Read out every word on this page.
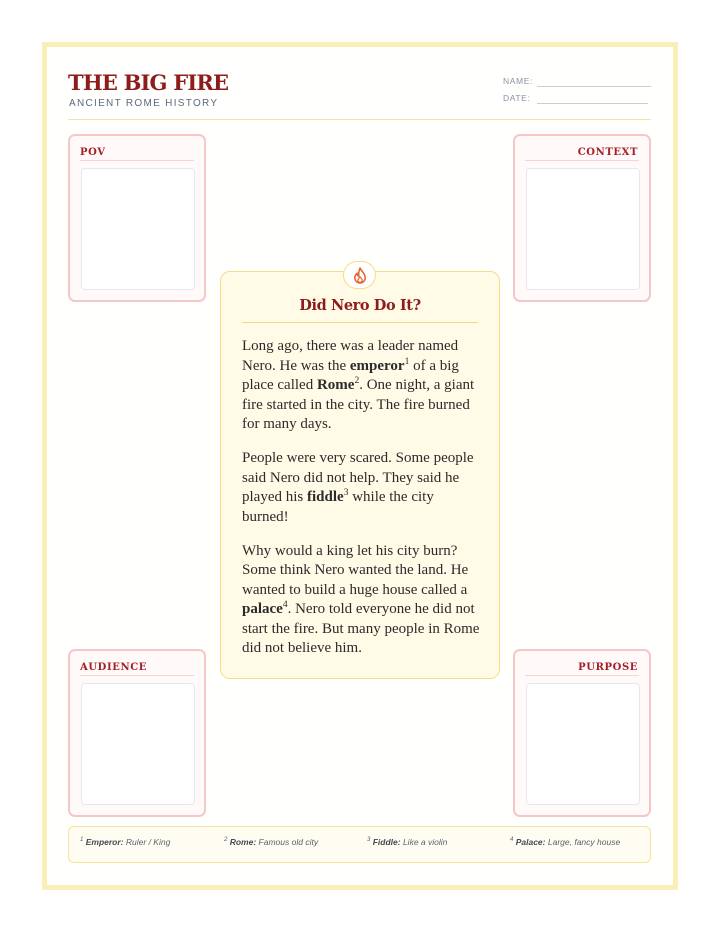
THE BIG FIRE
ANCIENT ROME HISTORY
NAME:
DATE:
POV	CONTEXT
AUDIENCE	PURPOSE
Did Nero Do It?

Long ago, there was a leader named Nero. He was the emperor$^1$ of a big place called Rome$^2$. One night, a giant fire started in the city. The fire burned for many days.

People were very scared. Some people said Nero did not help. They said he played his fiddle$^3$ while the city burned!

Why would a king let his city burn? Some think Nero wanted the land. He wanted to build a huge house called a palace$^4$. Nero told everyone he did not start the fire. But many people in Rome did not believe him.

$^1$ Emperor: Ruler / King	$^2$ Rome: Famous old city	$^3$ Fiddle: Like a violin	$^4$ Palace: Large, fancy house
